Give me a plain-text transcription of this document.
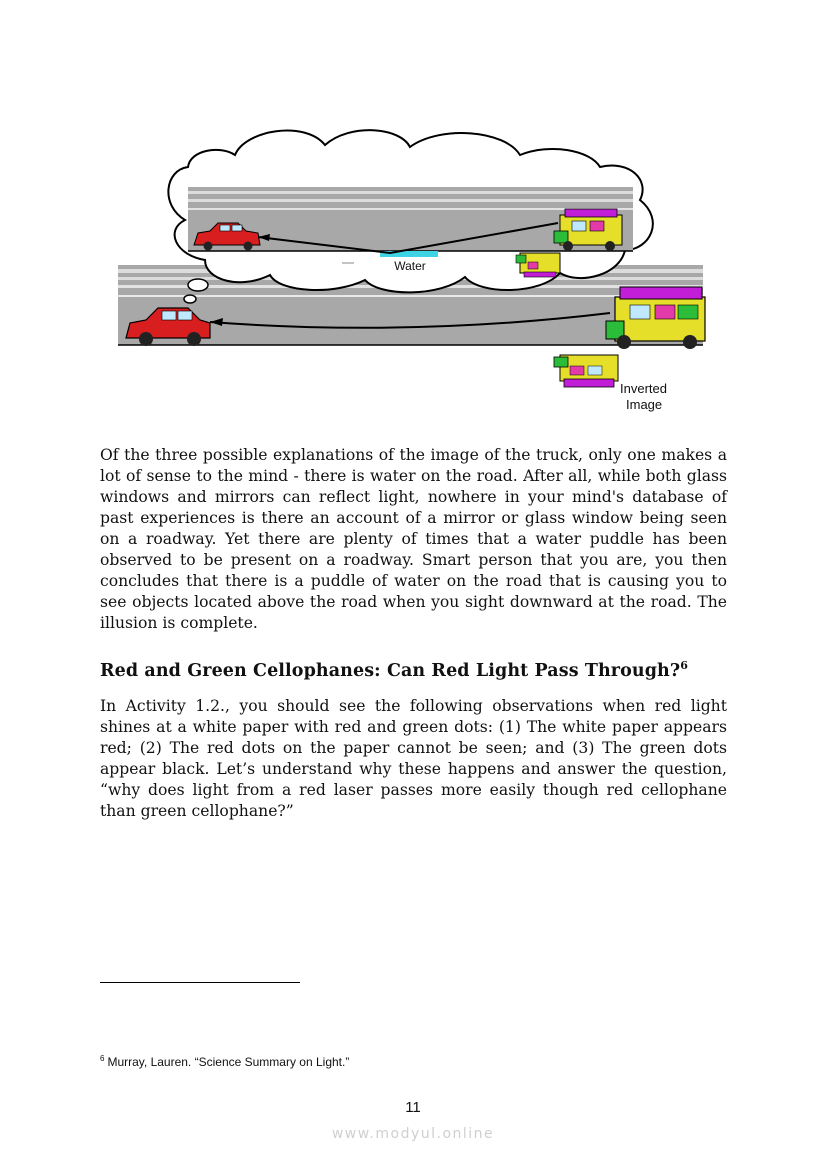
Water
Inverted
Image

Of the three possible explanations of the image of the truck, only one makes a lot of sense to the mind - there is water on the road. After all, while both glass windows and mirrors can reflect light, nowhere in your mind's database of past experiences is there an account of a mirror or glass window being seen on a roadway. Yet there are plenty of times that a water puddle has been observed to be present on a roadway. Smart person that you are, you then concludes that there is a puddle of water on the road that is causing you to see objects located above the road when you sight downward at the road. The illusion is complete.

Red and Green Cellophanes: Can Red Light Pass Through?$^6$

In Activity 1.2., you should see the following observations when red light shines at a white paper with red and green dots: (1) The white paper appears red; (2) The red dots on the paper cannot be seen; and (3) The green dots appear black. Let’s understand why these happens and answer the question, “why does light from a red laser passes more easily though red cellophane than green cellophane?”

$^6$ Murray, Lauren. “Science Summary on Light.”

11
www.modyul.online
